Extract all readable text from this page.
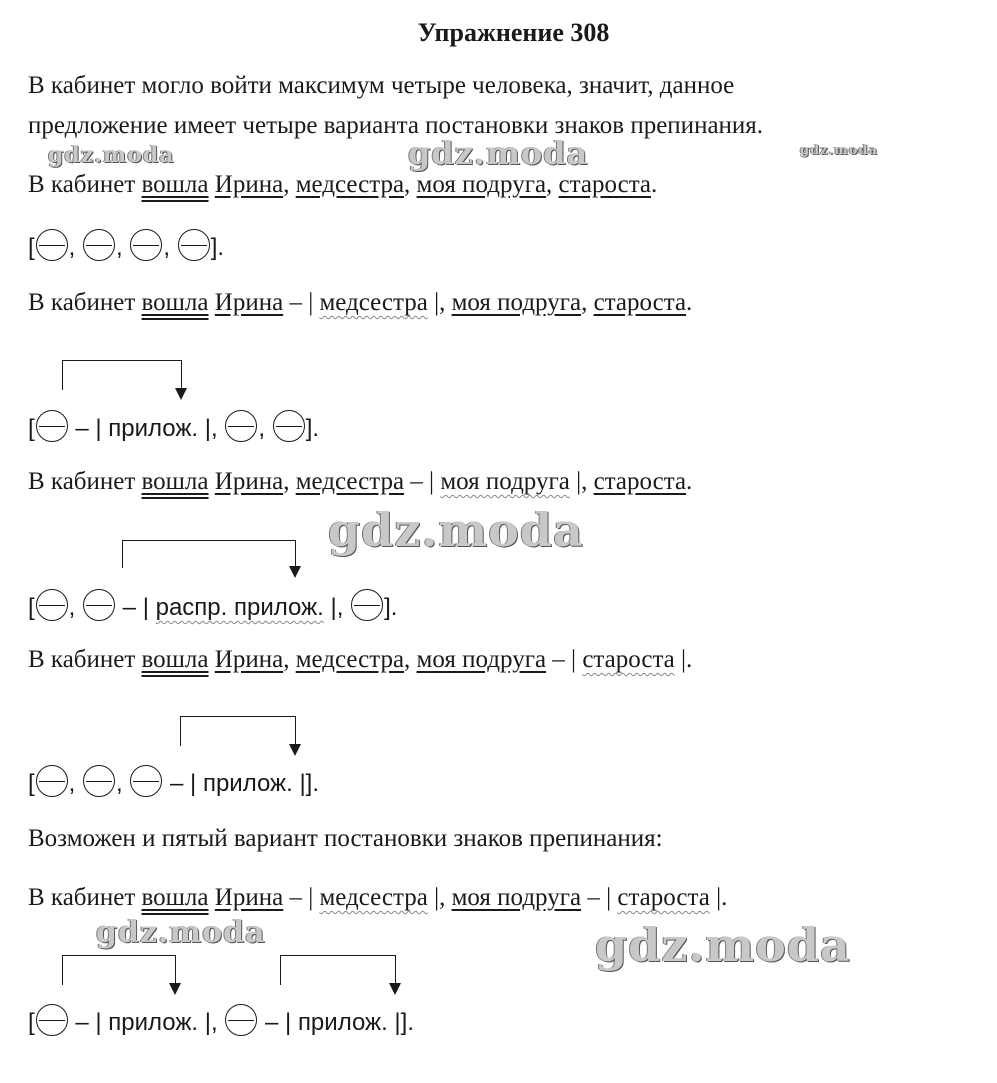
Упражнение 308
В кабинет могло войти максимум четыре человека, значит, данное
предложение имеет четыре варианта постановки знаков препинания.
В кабинет вошла Ирина, медсестра, моя подруга, староста.
[ , , , ].
В кабинет вошла Ирина – | медсестра |, моя подруга, староста.
[ – | прилож. |, , ].
В кабинет вошла Ирина, медсестра – | моя подруга |, староста.
[ ,  – | распр. прилож. |, ].
В кабинет вошла Ирина, медсестра, моя подруга – | староста |.
[ , ,  – | прилож. |].
Возможен и пятый вариант постановки знаков препинания:
В кабинет вошла Ирина – | медсестра |, моя подруга – | староста |.
[ – | прилож. |,  – | прилож. |].
gdz.moda	gdz.moda	gdz.moda
gdz.moda
gdz.moda	gdz.moda
